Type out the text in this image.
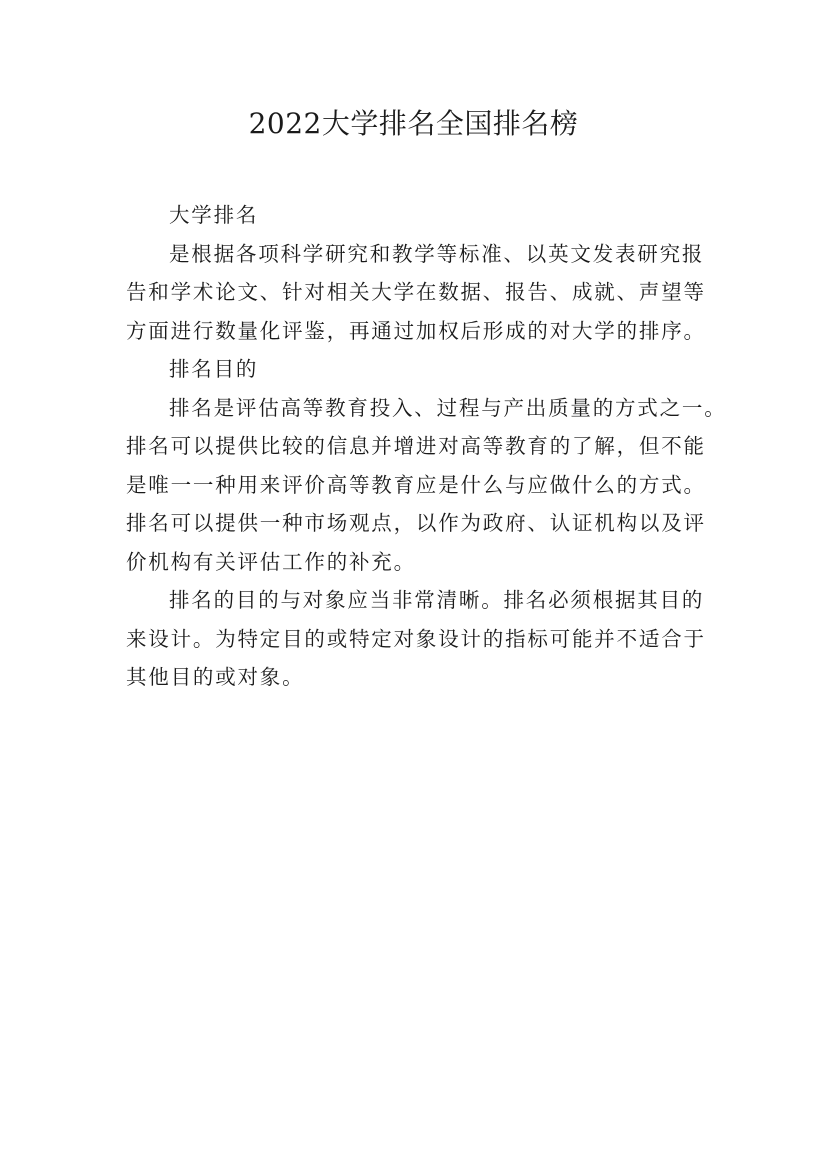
2022大学排名全国排名榜
大学排名
是根据各项科学研究和教学等标准、以英文发表研究报
告和学术论文、针对相关大学在数据、报告、成就、声望等
方面进行数量化评鉴，再通过加权后形成的对大学的排序。
排名目的
排名是评估高等教育投入、过程与产出质量的方式之一。
排名可以提供比较的信息并增进对高等教育的了解，但不能
是唯一一种用来评价高等教育应是什么与应做什么的方式。
排名可以提供一种市场观点，以作为政府、认证机构以及评
价机构有关评估工作的补充。
排名的目的与对象应当非常清晰。排名必须根据其目的
来设计。为特定目的或特定对象设计的指标可能并不适合于
其他目的或对象。
